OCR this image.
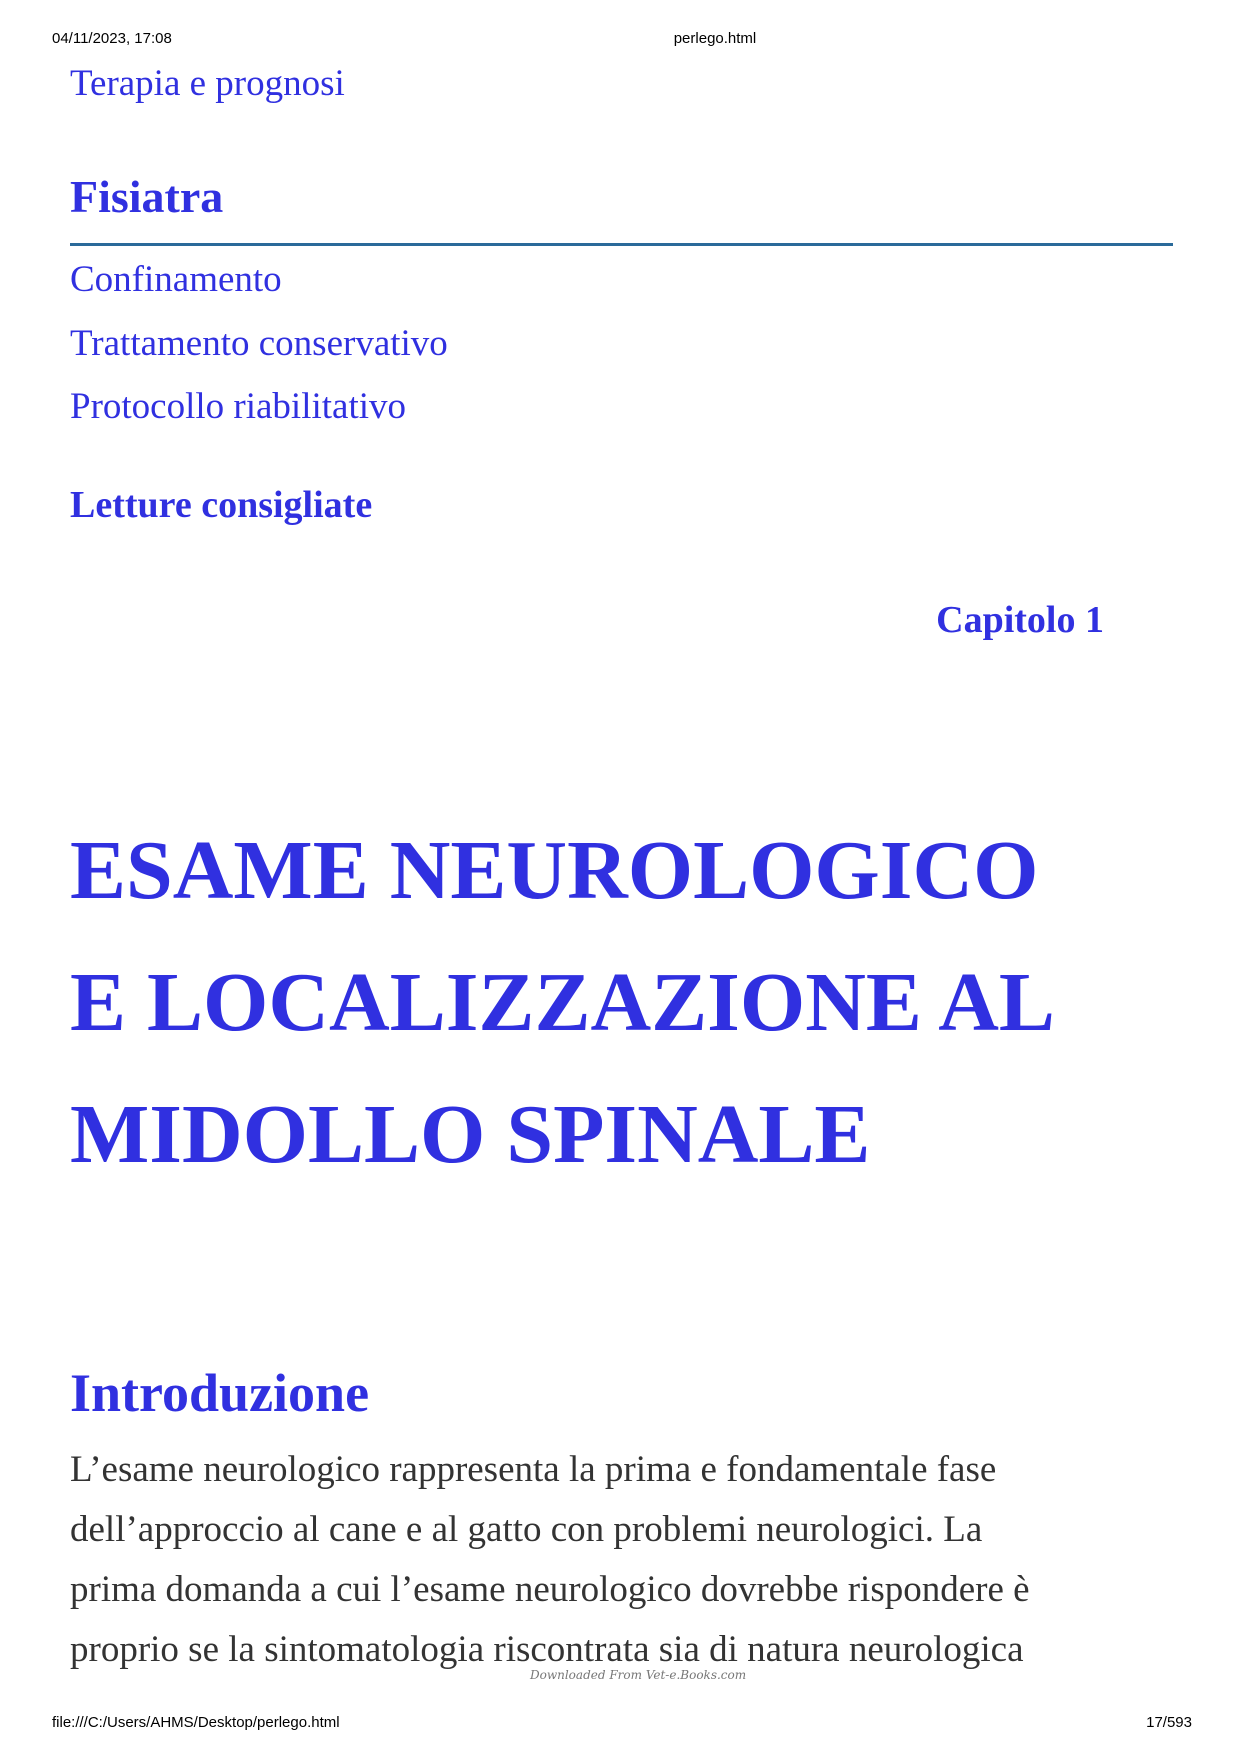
04/11/2023, 17:08	perlego.html
Terapia e prognosi
Fisiatra
Confinamento
Trattamento conservativo
Protocollo riabilitativo
Letture consigliate
Capitolo 1
ESAME NEUROLOGICO
E LOCALIZZAZIONE AL
MIDOLLO SPINALE
Introduzione

L’esame neurologico rappresenta la prima e fondamentale fase
dell’approccio al cane e al gatto con problemi neurologici. La
prima domanda a cui l’esame neurologico dovrebbe rispondere è
proprio se la sintomatologia riscontrata sia di natura neurologica

Downloaded From Vet-e.Books.com
file:///C:/Users/AHMS/Desktop/perlego.html	17/593
